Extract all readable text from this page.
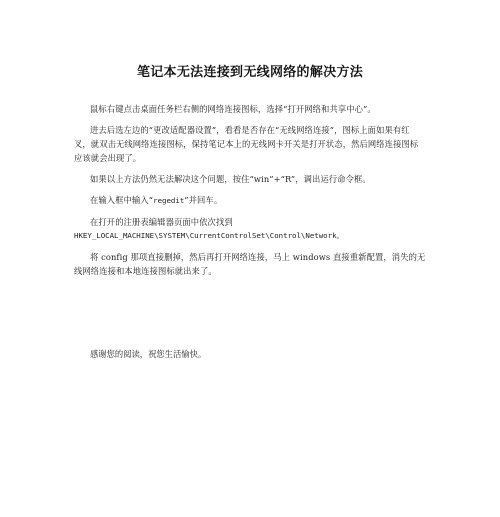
笔记本无法连接到无线网络的解决方法

鼠标右键点击桌面任务栏右侧的网络连接图标，选择“打开网络和共享中心”。

进去后选左边的“更改适配器设置”，看看是否存在“无线网络连接”，图标上面如果有红叉，就双击无线网络连接图标，保持笔记本上的无线网卡开关是打开状态，然后网络连接图标应该就会出现了。

如果以上方法仍然无法解决这个问题，按住“win”+“R”，调出运行命令框。

在输入框中输入“regedit”并回车。

在打开的注册表编辑器页面中依次找到
HKEY_LOCAL_MACHINE\SYSTEM\CurrentControlSet\Control\Network。

将 config 那项直接删掉，然后再打开网络连接，马上 windows 直接重新配置，消失的无线网络连接和本地连接图标就出来了。

感谢您的阅读，祝您生活愉快。
